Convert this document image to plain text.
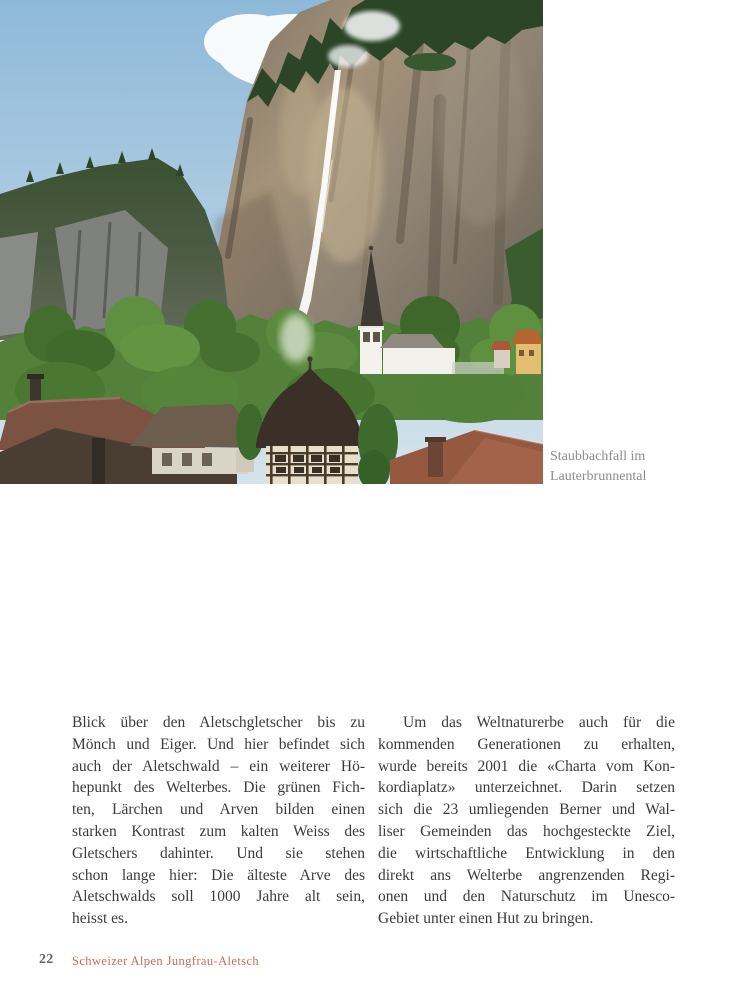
Staubbachfall im
Lauterbrunnental
Blick über den Aletschgletscher bis zu
Mönch und Eiger. Und hier befindet sich
auch der Aletschwald – ein weiterer Hö-
hepunkt des Welterbes. Die grünen Fich-
ten, Lärchen und Arven bilden einen
starken Kontrast zum kalten Weiss des
Gletschers dahinter. Und sie stehen
schon lange hier: Die älteste Arve des
Aletschwalds soll 1000 Jahre alt sein,
heisst es.
Um das Weltnaturerbe auch für die
kommenden Generationen zu erhalten,
wurde bereits 2001 die «Charta vom Kon-
kordiaplatz» unterzeichnet. Darin setzen
sich die 23 umliegenden Berner und Wal-
liser Gemeinden das hochgesteckte Ziel,
die wirtschaftliche Entwicklung in den
direkt ans Welterbe angrenzenden Regi-
onen und den Naturschutz im Unesco-
Gebiet unter einen Hut zu bringen.
22 Schweizer Alpen Jungfrau-Aletsch
